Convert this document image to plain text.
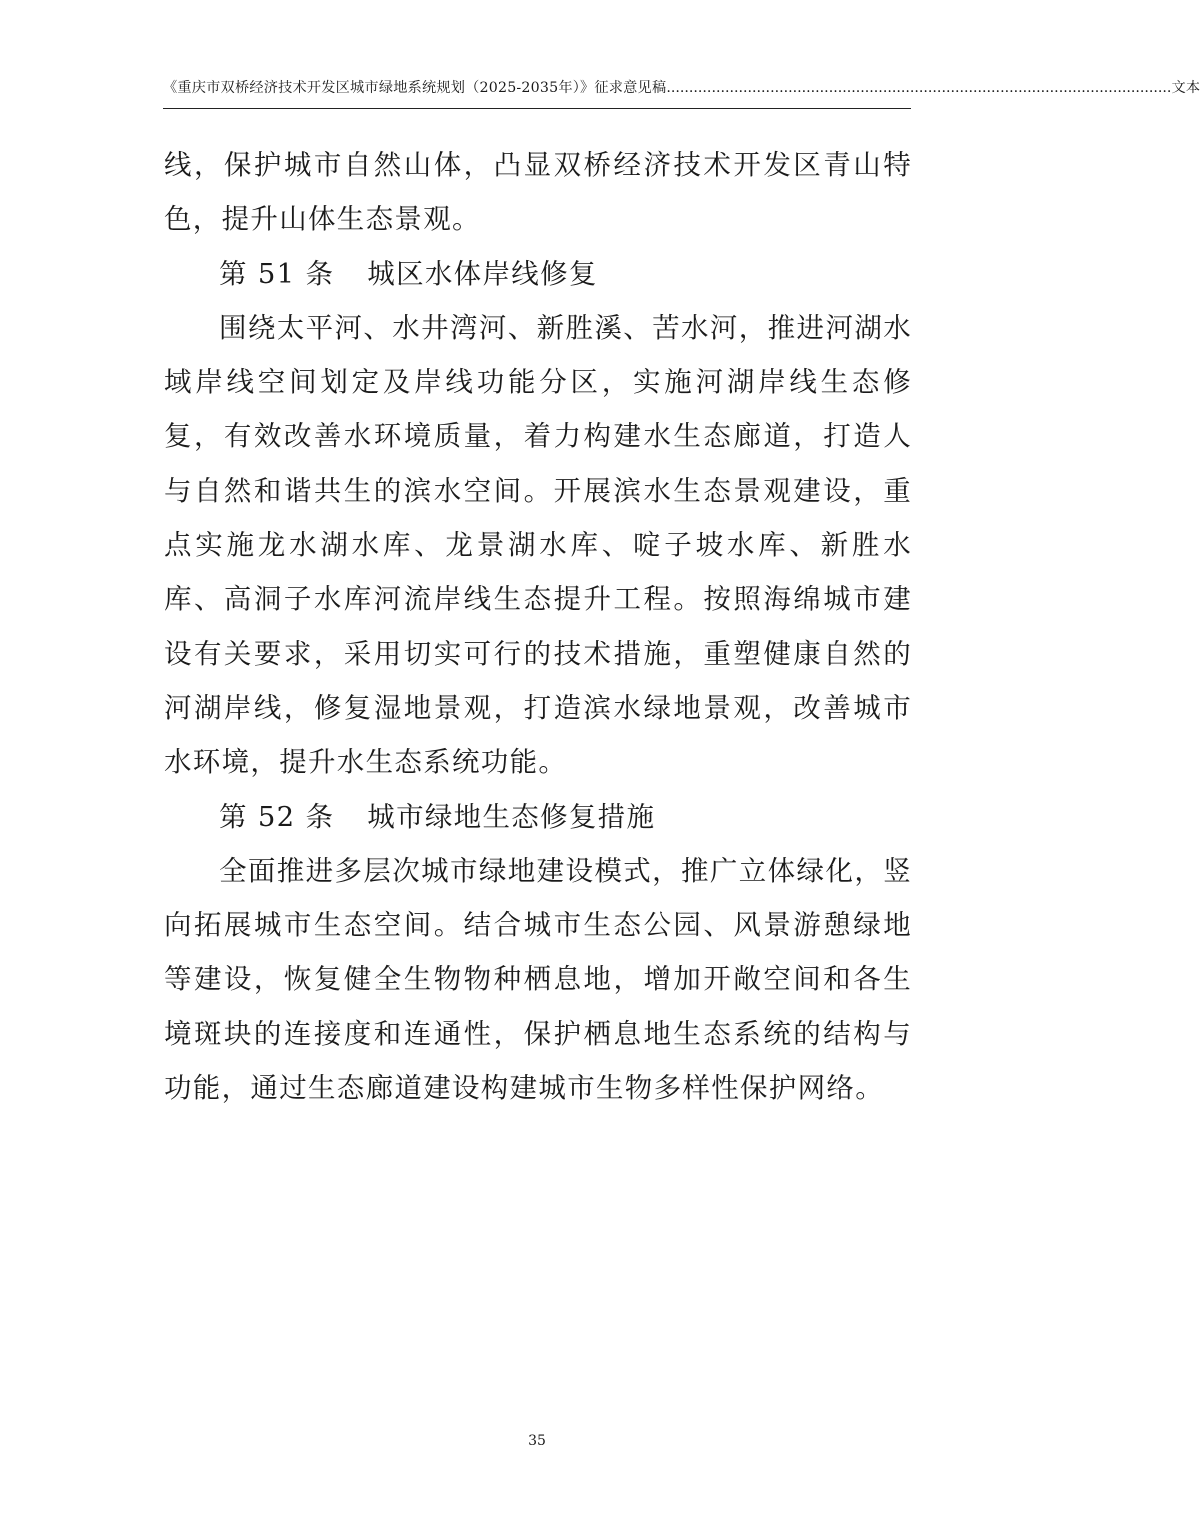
《重庆市双桥经济技术开发区城市绿地系统规划（2025-2035年）》征求意见稿 ................................................................................................................ 文本

线，保护城市自然山体，凸显双桥经济技术开发区青山特色，提升山体生态景观。

第 51 条 城区水体岸线修复

围绕太平河、水井湾河、新胜溪、苦水河，推进河湖水域岸线空间划定及岸线功能分区，实施河湖岸线生态修复，有效改善水环境质量，着力构建水生态廊道，打造人与自然和谐共生的滨水空间。开展滨水生态景观建设，重点实施龙水湖水库、龙景湖水库、啶子坡水库、新胜水库、高洞子水库河流岸线生态提升工程。按照海绵城市建设有关要求，采用切实可行的技术措施，重塑健康自然的河湖岸线，修复湿地景观，打造滨水绿地景观，改善城市水环境，提升水生态系统功能。

第 52 条 城市绿地生态修复措施

全面推进多层次城市绿地建设模式，推广立体绿化，竖向拓展城市生态空间。结合城市生态公园、风景游憩绿地等建设，恢复健全生物物种栖息地，增加开敞空间和各生境斑块的连接度和连通性，保护栖息地生态系统的结构与功能，通过生态廊道建设构建城市生物多样性保护网络。

35
